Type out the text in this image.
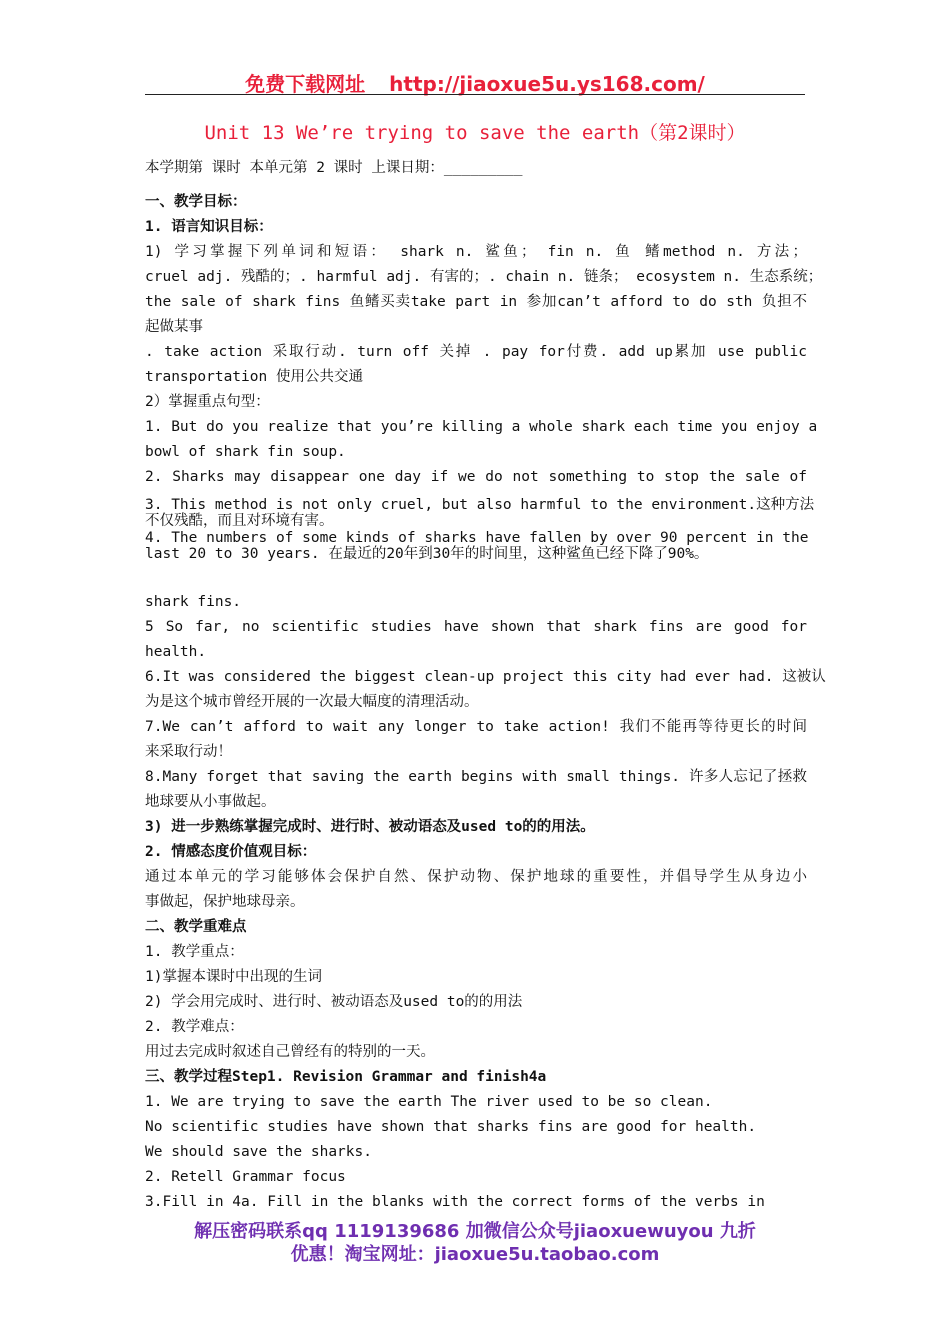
免费下载网址 http://jiaoxue5u.ys168.com/
Unit 13 We’re trying to save the earth（第2课时）
本学期第 课时 本单元第 2 课时 上课日期：_________
一、教学目标：
1. 语言知识目标：
1) 学习掌握下列单词和短语： shark n. 鲨鱼； fin n. 鱼 鳍method n. 方法；
cruel adj. 残酷的；. harmful adj. 有害的；. chain n. 链条； ecosystem n. 生态系统；
the sale of shark fins 鱼鳍买卖take part in 参加can’t afford to do sth 负担不
起做某事
. take action 采取行动. turn off 关掉 . pay for付费. add up累加 use public
transportation 使用公共交通
2）掌握重点句型：
1. But do you realize that you’re killing a whole shark each time you enjoy a
bowl of shark fin soup.
2. Sharks may disappear one day if we do not something to stop the sale of
3. This method is not only cruel, but also harmful to the environment.这种方法
不仅残酷，而且对环境有害。
4. The numbers of some kinds of sharks have fallen by over 90 percent in the
last 20 to 30 years. 在最近的20年到30年的时间里，这种鲨鱼已经下降了90%。
shark fins.
5 So far, no scientific studies have shown that shark fins are good for
health.
6.It was considered the biggest clean-up project this city had ever had. 这被认
为是这个城市曾经开展的一次最大幅度的清理活动。
7.We can’t afford to wait any longer to take action! 我们不能再等待更长的时间
来采取行动！
8.Many forget that saving the earth begins with small things. 许多人忘记了拯救
地球要从小事做起。
3) 进一步熟练掌握完成时、进行时、被动语态及used to的的用法。
2. 情感态度价值观目标：
通过本单元的学习能够体会保护自然、保护动物、保护地球的重要性，并倡导学生从身边小
事做起，保护地球母亲。
二、教学重难点
1. 教学重点：
1)掌握本课时中出现的生词
2) 学会用完成时、进行时、被动语态及used to的的用法
2. 教学难点：
用过去完成时叙述自己曾经有的特别的一天。
三、教学过程Step1. Revision Grammar and finish4a
1. We are trying to save the earth The river used to be so clean.
No scientific studies have shown that sharks fins are good for health.
We should save the sharks.
2. Retell Grammar focus
3.Fill in 4a. Fill in the blanks with the correct forms of the verbs in
解压密码联系qq 1119139686 加微信公众号jiaoxuewuyou 九折
优惠！淘宝网址：jiaoxue5u.taobao.com
